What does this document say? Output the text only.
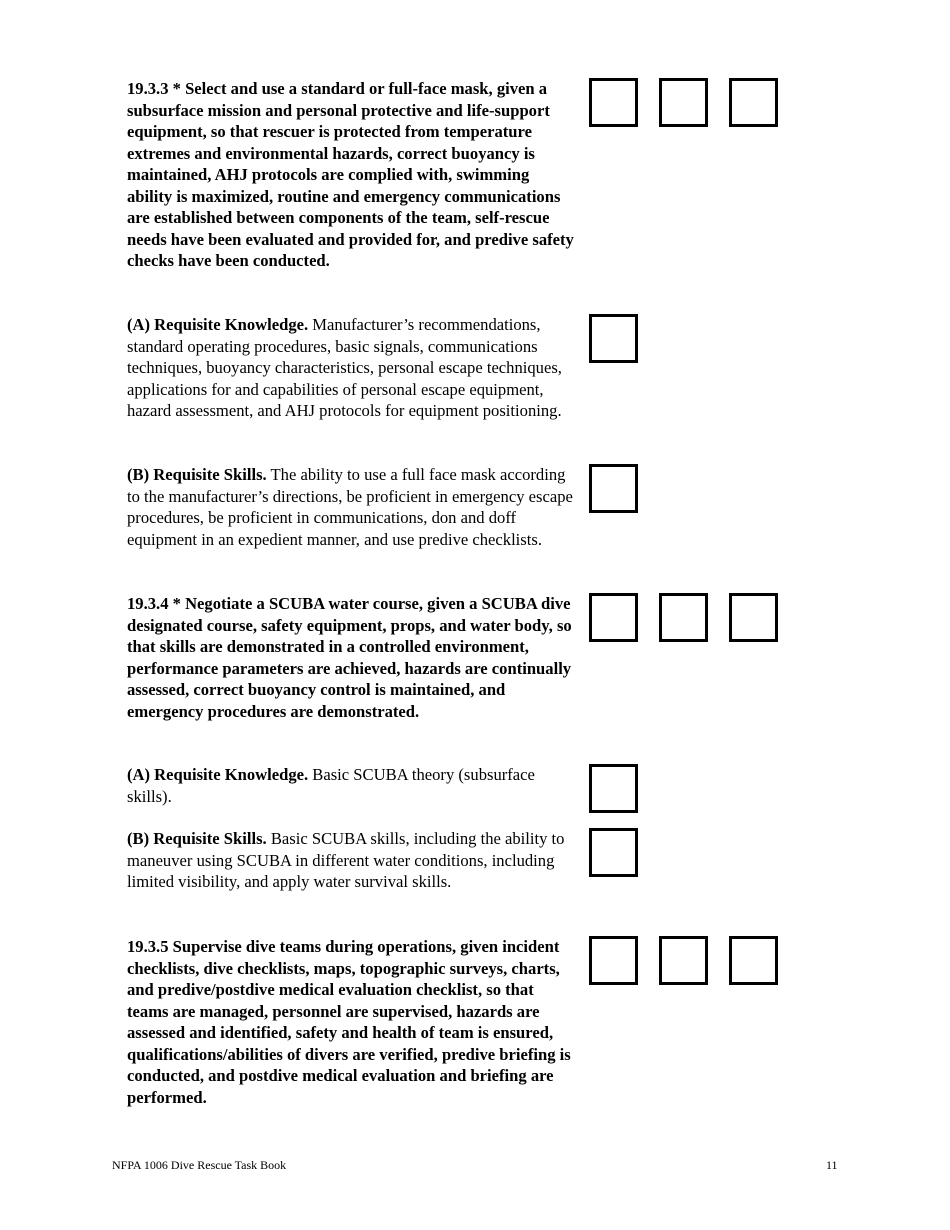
19.3.3 * Select and use a standard or full-face mask, given a subsurface mission and personal protective and life-support equipment, so that rescuer is protected from temperature extremes and environmental hazards, correct buoyancy is maintained, AHJ protocols are complied with, swimming ability is maximized, routine and emergency communications are established between components of the team, self-rescue needs have been evaluated and provided for, and predive safety checks have been conducted.

(A) Requisite Knowledge. Manufacturer’s recommendations, standard operating procedures, basic signals, communications techniques, buoyancy characteristics, personal escape techniques, applications for and capabilities of personal escape equipment, hazard assessment, and AHJ protocols for equipment positioning.

(B) Requisite Skills. The ability to use a full face mask according to the manufacturer’s directions, be proficient in emergency escape procedures, be proficient in communications, don and doff equipment in an expedient manner, and use predive checklists.

19.3.4 * Negotiate a SCUBA water course, given a SCUBA dive designated course, safety equipment, props, and water body, so that skills are demonstrated in a controlled environment, performance parameters are achieved, hazards are continually assessed, correct buoyancy control is maintained, and emergency procedures are demonstrated.

(A) Requisite Knowledge. Basic SCUBA theory (subsurface skills).

(B) Requisite Skills. Basic SCUBA skills, including the ability to maneuver using SCUBA in different water conditions, including limited visibility, and apply water survival skills.

19.3.5 Supervise dive teams during operations, given incident checklists, dive checklists, maps, topographic surveys, charts, and predive/postdive medical evaluation checklist, so that teams are managed, personnel are supervised, hazards are assessed and identified, safety and health of team is ensured, qualifications/abilities of divers are verified, predive briefing is conducted, and postdive medical evaluation and briefing are performed.

NFPA 1006 Dive Rescue Task Book	11
